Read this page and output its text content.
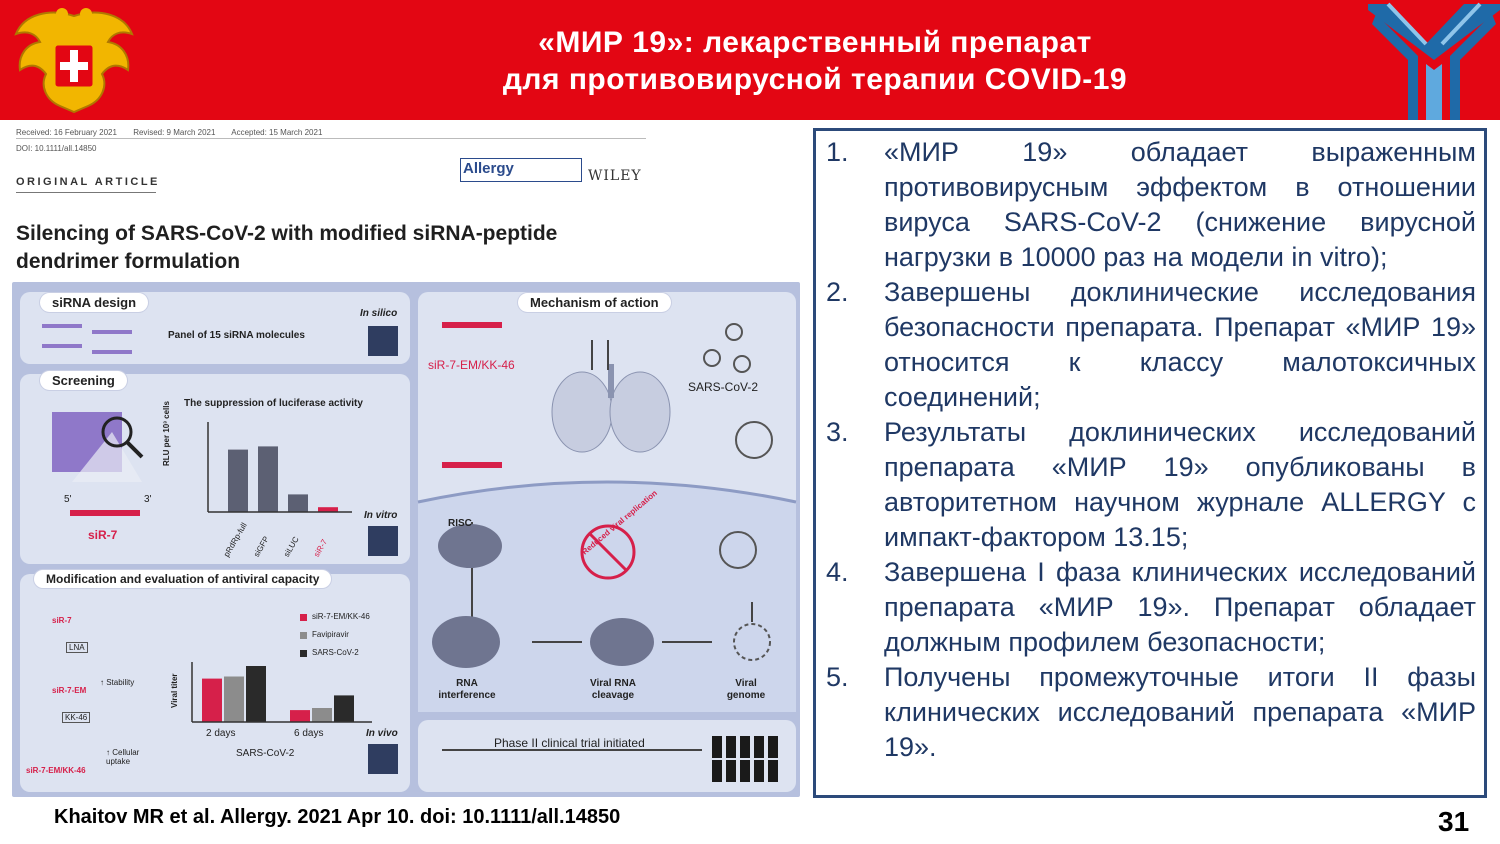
«МИР 19»: лекарственный препарат
для противовирусной терапии COVID-19
Received: 16 February 2021 Revised: 9 March 2021 Accepted: 15 March 2021
DOI: 10.1111/all.14850
ORIGINAL ARTICLE
Allergy	WILEY
Silencing of SARS-CoV-2 with modified siRNA-peptide dendrimer formulation
siRNA design
In silico
Panel of 15 siRNA molecules
Screening
The suppression of luciferase activity
RLU per 10³ cells
5'	3'
siR-7
In vitro
pRdRp-full siGFP siLUC siR-7
Modification and evaluation of antiviral capacity
siR-7
LNA
↑ Stability
siR-7-EM
KK-46
↑ Cellular uptake
siR-7-EM/KK-46
siR-7-EM/KK-46
Favipiravir
SARS-CoV-2
Viral titer
2 days	6 days
SARS-CoV-2
In vivo
Mechanism of action
siR-7-EM/KK-46
SARS-CoV-2
RISC	Reduced viral replication
RNA interference
Viral RNA cleavage
Viral genome
Phase II clinical trial initiated
Khaitov MR et al. Allergy. 2021 Apr 10. doi: 10.1111/all.14850	31
1. «МИР 19» обладает выраженным противовирусным эффектом в отношении вируса SARS-CoV-2 (снижение вирусной нагрузки в 10000 раз на модели in vitro);
2. Завершены доклинические исследования безопасности препарата. Препарат «МИР 19» относится к классу малотоксичных соединений;
3. Результаты доклинических исследований препарата «МИР 19» опубликованы в авторитетном научном журнале ALLERGY с импакт-фактором 13.15;
4. Завершена I фаза клинических исследований препарата «МИР 19». Препарат обладает должным профилем безопасности;
5. Получены промежуточные итоги II фазы клинических исследований препарата «МИР 19».
